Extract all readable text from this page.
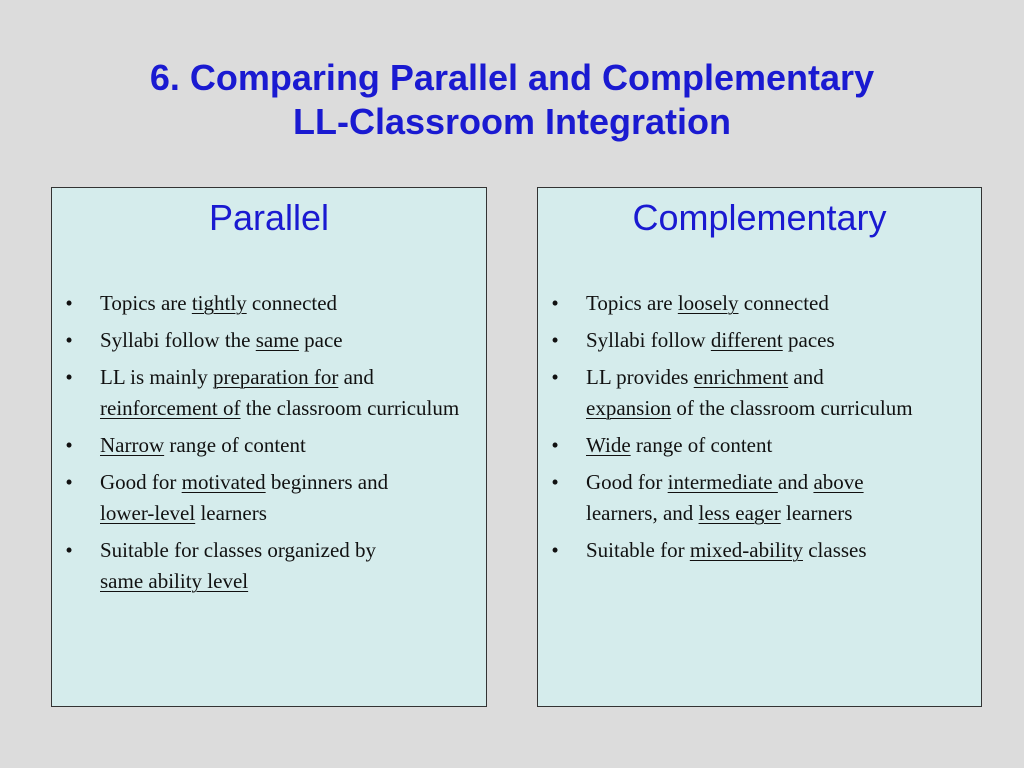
6. Comparing Parallel and Complementary
LL-Classroom Integration
Parallel
•	Topics are tightly connected
•	Syllabi follow the same pace
•	LL is mainly preparation for and
reinforcement of the classroom curriculum
•	Narrow range of content
•	Good for motivated beginners and
lower-level learners
•	Suitable for classes organized by
same ability level
Complementary
•	Topics are loosely connected
•	Syllabi follow different paces
•	LL provides enrichment and
expansion of the classroom curriculum
•	Wide range of content
•	Good for intermediate and above
learners, and less eager learners
•	Suitable for mixed-ability classes
